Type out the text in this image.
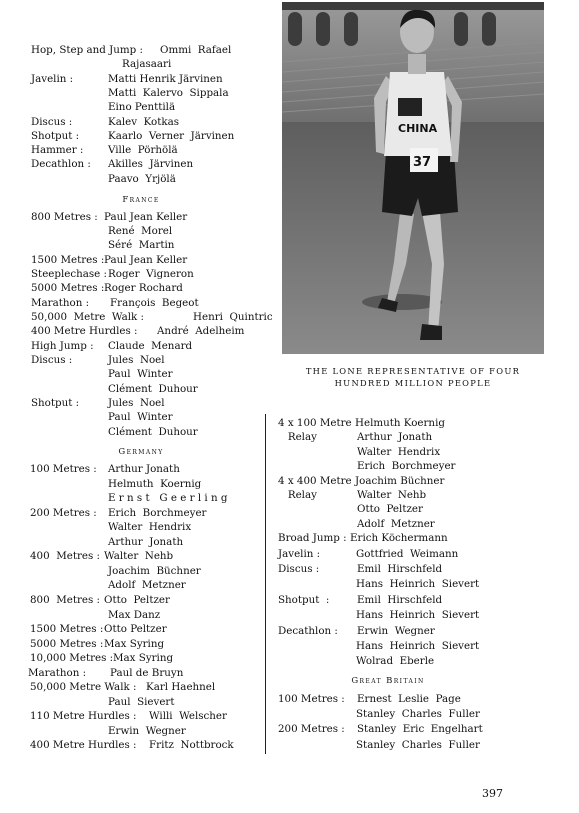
Hop, Step and Jump : Ommi  Rafael
Rajasaari
Javelin :	Matti Henrik Järvinen
Matti  Kalervo  Sippala
Eino Penttilä
Discus :	Kalev  Kotkas
Shotput :	Kaarlo  Verner  Järvinen
Hammer : Ville  Pörhölä
Decathlon : Akilles  Järvinen
Paavo  Yrjölä
France
800 Metres : Paul Jean Keller
René  Morel
Séré  Martin
1500 Metres : Paul Jean Keller
Steeplechase : Roger  Vigneron
5000 Metres : Roger Rochard
Marathon : François  Begeot
50,000  Metre  Walk :	Henri  Quintric
400 Metre Hurdles : André  Adelheim
High Jump : Claude  Menard
Discus :	Jules  Noel
Paul  Winter
Clément  Duhour
Shotput :	Jules  Noel
Paul  Winter
Clément  Duhour
Germany
100 Metres : Arthur Jonath
Helmuth  Koernig
E r n s t   G e e r l i n g
200 Metres : Erich  Borchmeyer
Walter  Hendrix
Arthur  Jonath
400  Metres : Walter  Nehb
Joachim  Büchner
Adolf  Metzner
800  Metres : Otto  Peltzer
Max Danz
1500 Metres : Otto Peltzer
5000 Metres : Max Syring
10,000 Metres : Max Syring
Marathon : Paul de Bruyn
50,000 Metre Walk : Karl Haehnel
Paul  Sievert
110 Metre Hurdles : Willi  Welscher
Erwin  Wegner
400 Metre Hurdles : Fritz  Nottbrock
4 x 100 Metre Helmuth Koernig
Relay	Arthur  Jonath
Walter  Hendrix
Erich  Borchmeyer
4 x 400 Metre Joachim Büchner
Relay	Walter  Nehb
Otto  Peltzer
Adolf  Metzner
Broad Jump : Erich Köchermann
Javelin :	Gottfried  Weimann
Discus :	Emil  Hirschfeld
Hans  Heinrich  Sievert
Shotput  :	Emil  Hirschfeld
Hans  Heinrich  Sievert
Decathlon : Erwin  Wegner
Hans  Heinrich  Sievert
Wolrad  Eberle
Great Britain
100 Metres : Ernest  Leslie  Page
Stanley  Charles  Fuller
200 Metres : Stanley  Eric  Engelhart
Stanley  Charles  Fuller
CHINA
37
THE LONE REPRESENTATIVE OF FOUR HUNDRED MILLION PEOPLE
397
